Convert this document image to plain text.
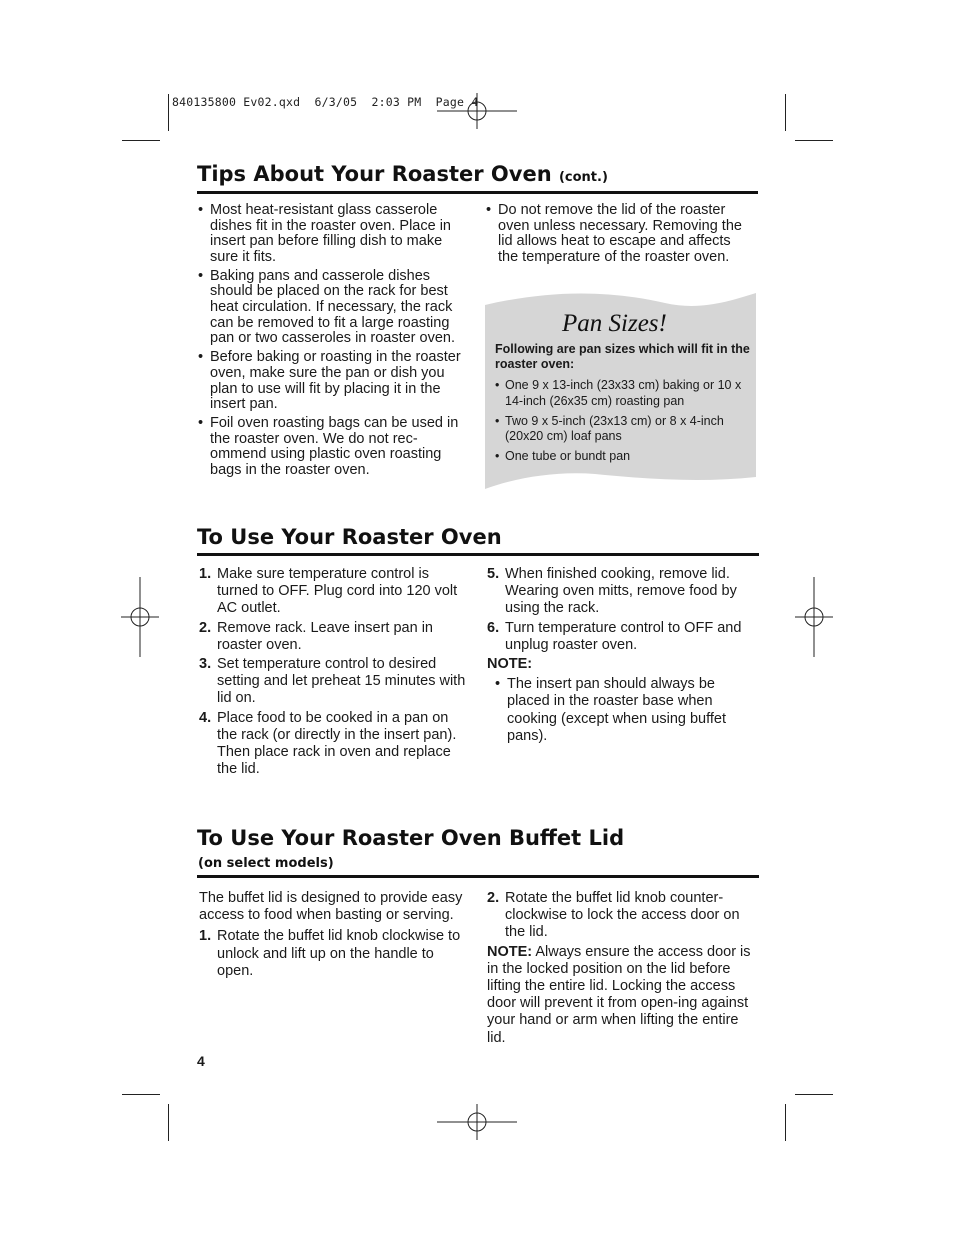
840135800 Ev02.qxd  6/3/05  2:03 PM  Page 4
Tips About Your Roaster Oven (cont.)
• Most heat-resistant glass casserole dishes fit in the roaster oven. Place in insert pan before filling dish to make sure it fits.
• Baking pans and casserole dishes should be placed on the rack for best heat circulation. If necessary, the rack can be removed to fit a large roasting pan or two casseroles in roaster oven.
• Before baking or roasting in the roaster oven, make sure the pan or dish you plan to use will fit by placing it in the insert pan.
• Foil oven roasting bags can be used in the roaster oven. We do not rec-ommend using plastic oven roasting bags in the roaster oven.
• Do not remove the lid of the roaster oven unless necessary. Removing the lid allows heat to escape and affects the temperature of the roaster oven.
Pan Sizes!
Following are pan sizes which will fit in the roaster oven:
• One 9 x 13-inch (23x33 cm) baking or 10 x 14-inch (26x35 cm) roasting pan
• Two 9 x 5-inch (23x13 cm) or 8 x 4-inch (20x20 cm) loaf pans
• One tube or bundt pan
To Use Your Roaster Oven
1. Make sure temperature control is turned to OFF. Plug cord into 120 volt AC outlet.
2. Remove rack. Leave insert pan in roaster oven.
3. Set temperature control to desired setting and let preheat 15 minutes with lid on.
4. Place food to be cooked in a pan on the rack (or directly in the insert pan). Then place rack in oven and replace the lid.
5. When finished cooking, remove lid. Wearing oven mitts, remove food by using the rack.
6. Turn temperature control to OFF and unplug roaster oven.
NOTE:
• The insert pan should always be placed in the roaster base when cooking (except when using buffet pans).
To Use Your Roaster Oven Buffet Lid
(on select models)

The buffet lid is designed to provide easy access to food when basting or serving.

1. Rotate the buffet lid knob clockwise to unlock and lift up on the handle to open.
2. Rotate the buffet lid knob counter-clockwise to lock the access door on the lid.

NOTE: Always ensure the access door is in the locked position on the lid before lifting the entire lid. Locking the access door will prevent it from open-ing against your hand or arm when lifting the entire lid.

4
